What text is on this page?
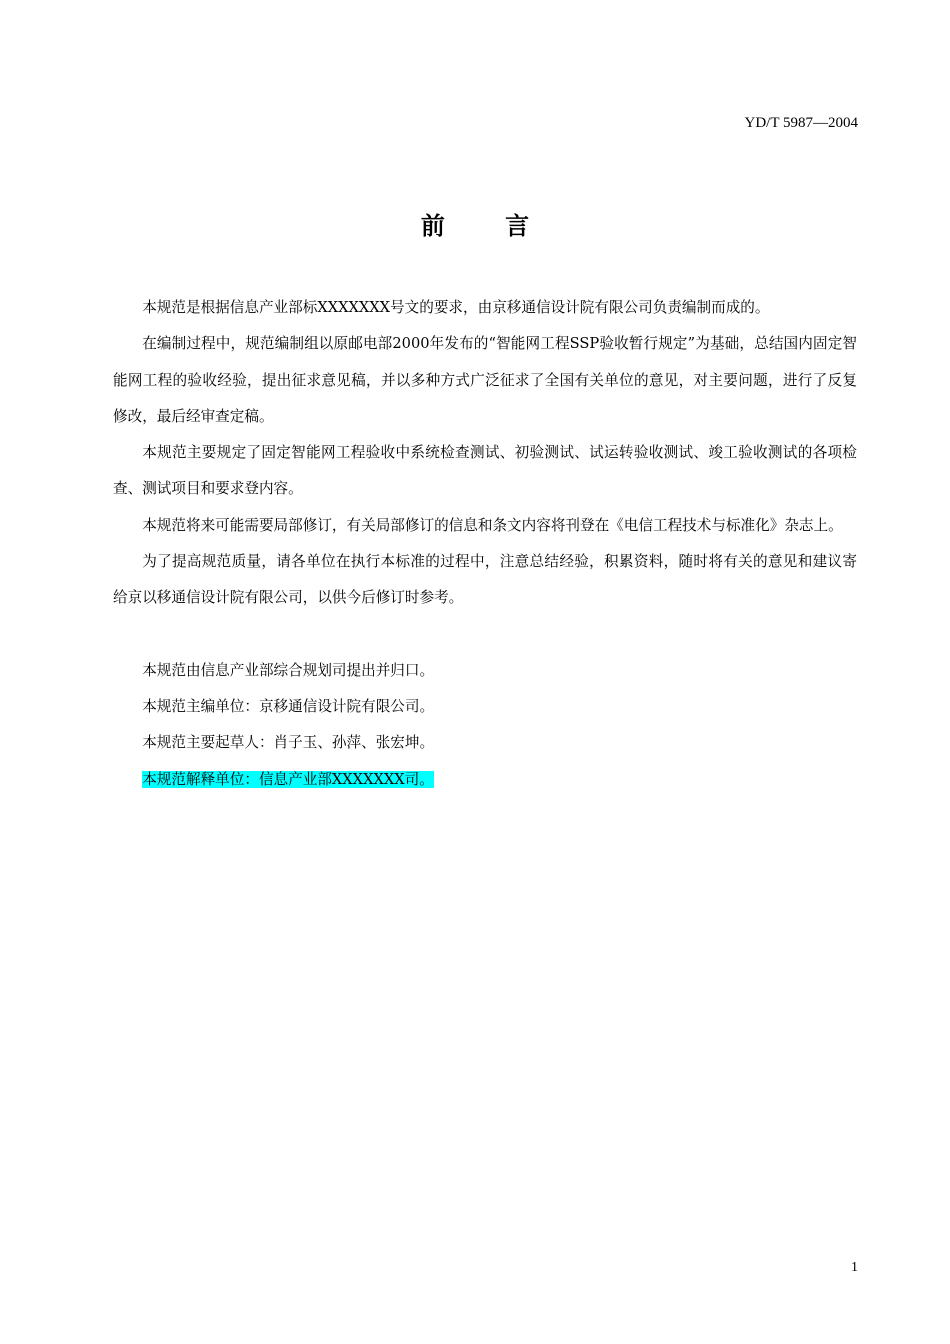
YD/T 5987—2004
前 言

本规范是根据信息产业部标XXXXXXX号文的要求，由京移通信设计院有限公司负责编制而成的。

在编制过程中，规范编制组以原邮电部2000年发布的“智能网工程SSP验收暂行规定”为基础，总结国内固定智能网工程的验收经验，提出征求意见稿，并以多种方式广泛征求了全国有关单位的意见，对主要问题，进行了反复修改，最后经审查定稿。

本规范主要规定了固定智能网工程验收中系统检查测试、初验测试、试运转验收测试、竣工验收测试的各项检查、测试项目和要求登内容。

本规范将来可能需要局部修订，有关局部修订的信息和条文内容将刊登在《电信工程技术与标准化》杂志上。

为了提高规范质量，请各单位在执行本标准的过程中，注意总结经验，积累资料，随时将有关的意见和建议寄给京以移通信设计院有限公司，以供今后修订时参考。

本规范由信息产业部综合规划司提出并归口。

本规范主编单位：京移通信设计院有限公司。

本规范主要起草人：肖子玉、孙萍、张宏坤。

本规范解释单位：信息产业部XXXXXXX司。

1
